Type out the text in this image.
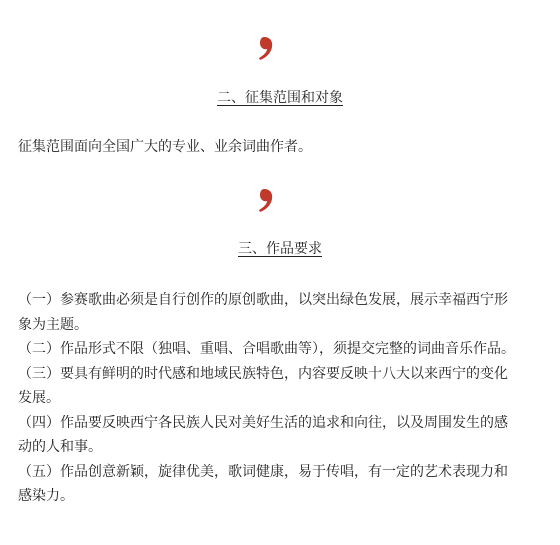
二、征集范围和对象

征集范围面向全国广大的专业、业余词曲作者。

三、作品要求
（一）参赛歌曲必须是自行创作的原创歌曲，以突出绿色发展，展示幸福西宁形象为主题。
（二）作品形式不限（独唱、重唱、合唱歌曲等），须提交完整的词曲音乐作品。
（三）要具有鲜明的时代感和地域民族特色，内容要反映十八大以来西宁的变化发展。
（四）作品要反映西宁各民族人民对美好生活的追求和向往，以及周围发生的感动的人和事。
（五）作品创意新颖，旋律优美，歌词健康，易于传唱，有一定的艺术表现力和感染力。
